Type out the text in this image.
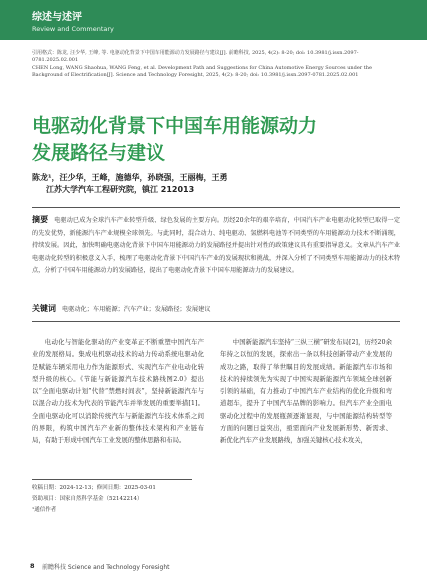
综述与述评
Review and Commentary
引用格式：陈龙, 汪少华, 王峰, 等. 电驱动化背景下中国车用能源动力发展路径与建议[J]. 前瞻科技, 2025, 4(2): 8-20; doi: 10.3981/j.issn.2097-0781.2025.02.001
CHEN Long, WANG Shaohua, WANG Feng, et al. Development Path and Suggestions for China Automotive Energy Sources under the Background of Electrification[J]. Science and Technology Foresight, 2025, 4(2): 8-20; doi: 10.3981/j.issn.2097-0781.2025.02.001
电驱动化背景下中国车用能源动力
发展路径与建议
陈龙¹，汪少华，王峰，施德华，孙晓强，王丽梅，王勇
江苏大学汽车工程研究院，镇江 212013
摘要 电驱动已成为全球汽车产业转型升级、绿色发展的主要方向。历经20余年的艰辛培育，中国汽车产业电驱动化转型已取得一定的先发优势，新能源汽车产业规模全球领先。与此同时，混合动力、纯电驱动、氢燃料电池等不同类型的车用能源动力技术不断涌现，持续发展。因此，加快明确电驱动化背景下中国车用能源动力的发展路径并提出针对性的政策建议具有重要指导意义。文章从汽车产业电驱动化转型的积极意义入手，梳理了电驱动化背景下中国汽车产业的发展现状和挑战，并深入分析了不同类型车用能源动力的技术特点，分析了中国车用能源动力的发展路径，提出了电驱动化背景下中国车用能源动力的发展建议。
关键词 电驱动化；车用能源；汽车产业；发展路径；发展建议

电动化与智能化驱动的产业变革正不断重塑中国汽车产业的发展格局。集成电机驱动技术的动力传动系统电驱动化是赋能车辆采用电力作为能源形式、实现汽车产业电动化转型升级的核心。《节能与新能源汽车技术路线图2.0》提出以“全面电驱动计划”代替“禁燃时间表”，坚持新能源汽车与以混合动力技术为代表的节能汽车并举发展的重要举措[1]。全面电驱动化可以消除传统汽车与新能源汽车技术体系之间的界限，构筑中国汽车产业新的整体技术架构和产业链布局，有助于形成中国汽车工业发展的整体思路和布局。

中国新能源汽车坚持“三纵三横”研发布局[2]，历经20余年持之以恒的发展，探索出一条以科技创新带动产业发展的成功之路，取得了举世瞩目的发展成绩。新能源汽车市场和技术的持续领先为实现了中国实现新能源汽车领域全球创新引领的基础，有力推动了中国汽车产业结构的优化升级和弯道超车，提升了中国汽车品牌的影响力。但汽车产业全面电驱动化过程中的发展瓶颈逐渐显现，与中国能源结构转型等方面的问题日益突出，亟需面向产业发展新形势、新需求、新优化汽车产业发展路线，加强关键核心技术攻关，

收稿日期：2024-12-13；修回日期：2025-03-01
资助项目：国家自然科学基金（52142214）
¹通信作者
8 前瞻科技 Science and Technology Foresight
